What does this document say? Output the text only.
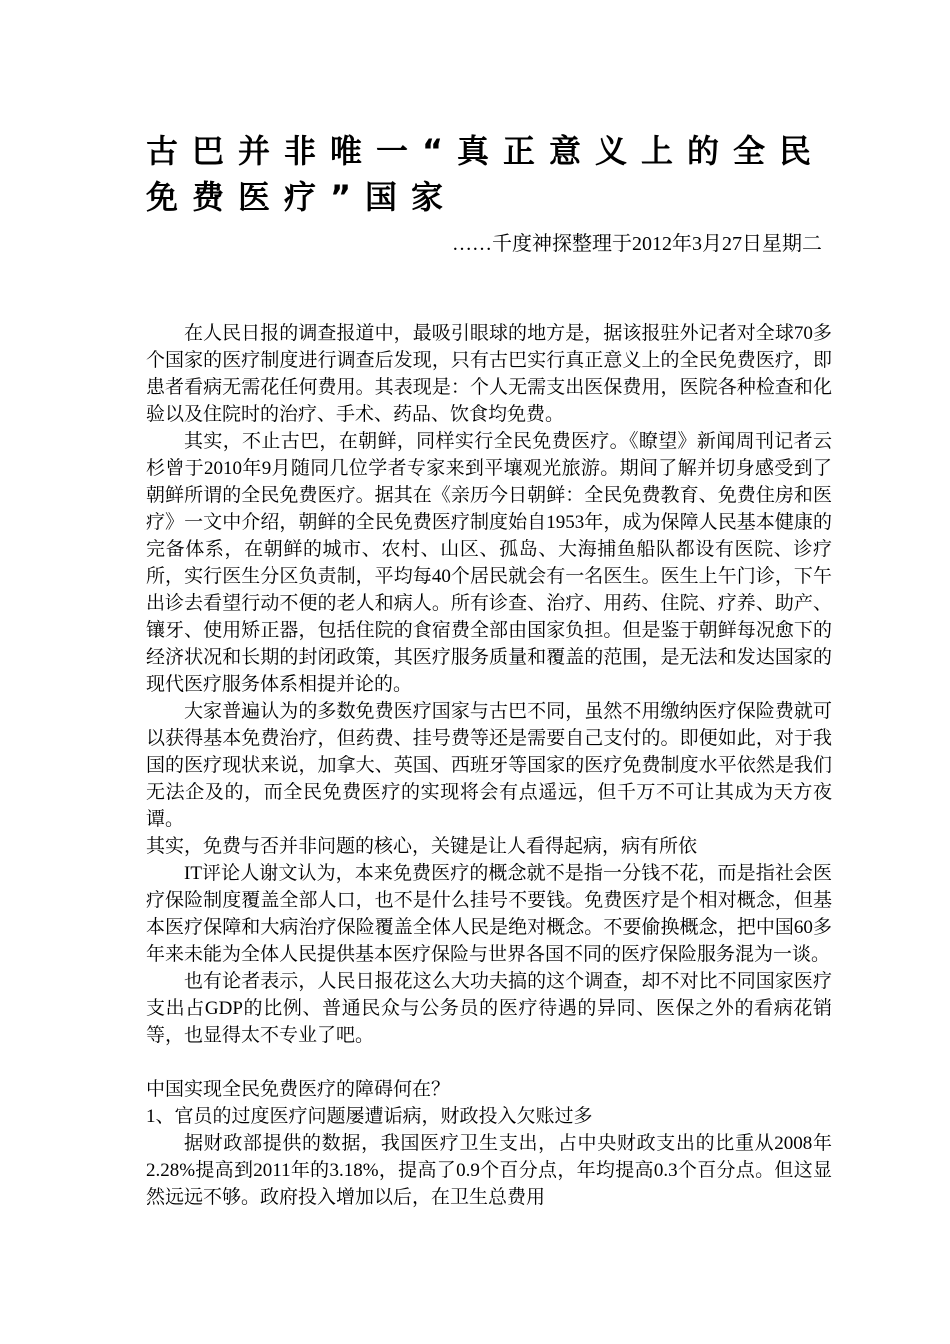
古巴并非唯一“真正意义上的全民免费医疗”国家

……千度神探整理于2012年3月27日星期二

在人民日报的调查报道中，最吸引眼球的地方是，据该报驻外记者对全球70多个国家的医疗制度进行调查后发现，只有古巴实行真正意义上的全民免费医疗，即患者看病无需花任何费用。其表现是：个人无需支出医保费用，医院各种检查和化验以及住院时的治疗、手术、药品、饮食均免费。

其实，不止古巴，在朝鲜，同样实行全民免费医疗。《瞭望》新闻周刊记者云杉曾于2010年9月随同几位学者专家来到平壤观光旅游。期间了解并切身感受到了朝鲜所谓的全民免费医疗。据其在《亲历今日朝鲜：全民免费教育、免费住房和医疗》一文中介绍，朝鲜的全民免费医疗制度始自1953年，成为保障人民基本健康的完备体系，在朝鲜的城市、农村、山区、孤岛、大海捕鱼船队都设有医院、诊疗所，实行医生分区负责制，平均每40个居民就会有一名医生。医生上午门诊，下午出诊去看望行动不便的老人和病人。所有诊查、治疗、用药、住院、疗养、助产、镶牙、使用矫正器，包括住院的食宿费全部由国家负担。但是鉴于朝鲜每况愈下的经济状况和长期的封闭政策，其医疗服务质量和覆盖的范围，是无法和发达国家的现代医疗服务体系相提并论的。

大家普遍认为的多数免费医疗国家与古巴不同，虽然不用缴纳医疗保险费就可以获得基本免费治疗，但药费、挂号费等还是需要自己支付的。即便如此，对于我国的医疗现状来说，加拿大、英国、西班牙等国家的医疗免费制度水平依然是我们无法企及的，而全民免费医疗的实现将会有点遥远，但千万不可让其成为天方夜谭。

其实，免费与否并非问题的核心，关键是让人看得起病，病有所依

IT评论人谢文认为，本来免费医疗的概念就不是指一分钱不花，而是指社会医疗保险制度覆盖全部人口，也不是什么挂号不要钱。免费医疗是个相对概念，但基本医疗保障和大病治疗保险覆盖全体人民是绝对概念。不要偷换概念，把中国60多年来未能为全体人民提供基本医疗保险与世界各国不同的医疗保险服务混为一谈。

也有论者表示，人民日报花这么大功夫搞的这个调查，却不对比不同国家医疗支出占GDP的比例、普通民众与公务员的医疗待遇的异同、医保之外的看病花销等，也显得太不专业了吧。

中国实现全民免费医疗的障碍何在？

1、官员的过度医疗问题屡遭诟病，财政投入欠账过多

据财政部提供的数据，我国医疗卫生支出，占中央财政支出的比重从2008年2.28%提高到2011年的3.18%，提高了0.9个百分点，年均提高0.3个百分点。但这显然远远不够。政府投入增加以后，在卫生总费用
